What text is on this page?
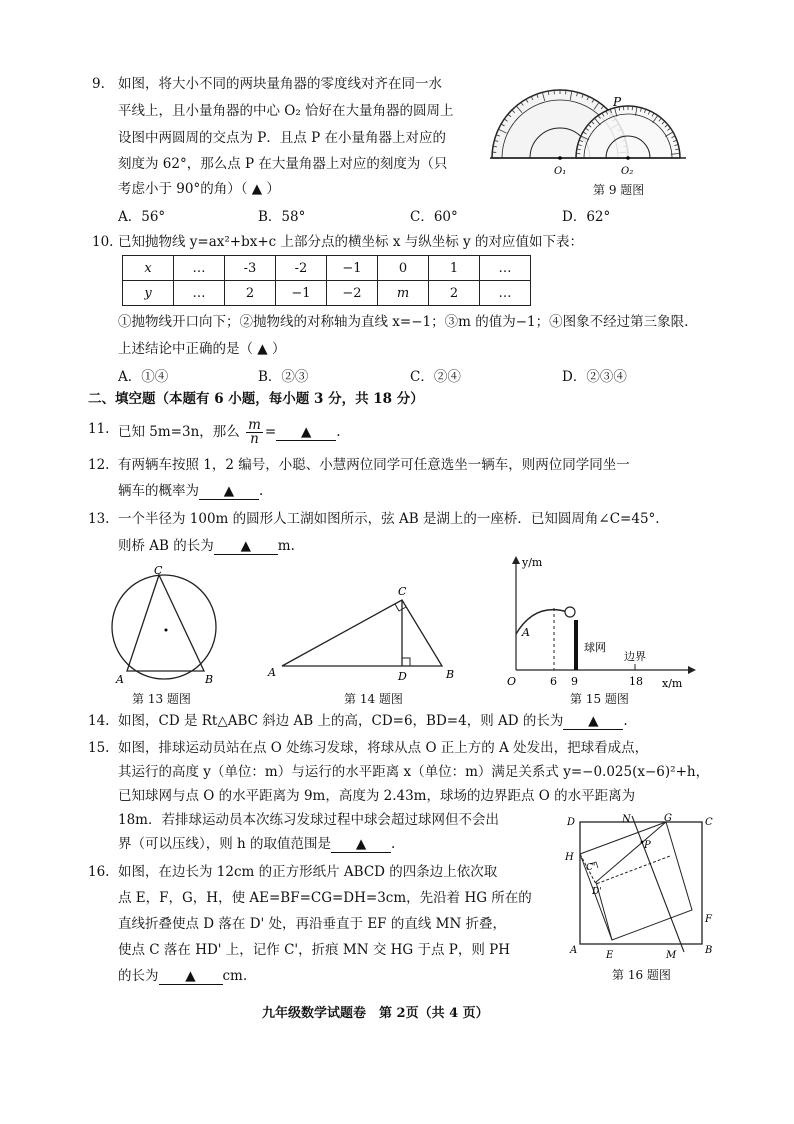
9. 如图，将大小不同的两块量角器的零度线对齐在同一水
平线上，且小量角器的中心 O₂ 恰好在大量角器的圆周上
设图中两圆周的交点为 P．且点 P 在小量角器上对应的
刻度为 62°，那么点 P 在大量角器上对应的刻度为（只
考虑小于 90°的角）（ ▲ ）
P
O₁	O₂
第 9 题图
A．56°	B．58°	C．60°	D．62°
10. 已知抛物线 y=ax²+bx+c 上部分点的横坐标 x 与纵坐标 y 的对应值如下表：
x	…	-3	-2	−1	0	1	…
y	…	2	−1	−2	m	2	…
①抛物线开口向下；②抛物线的对称轴为直线 x=−1；③m 的值为−1；④图象不经过第三象限.
上述结论中正确的是（ ▲ ）
A．①④	B．②③	C．②④	D．②③④
二、填空题（本题有 6 小题，每小题 3 分，共 18 分）
11. 已知 5m=3n，那么 $\frac{m}{n}$ = ▲ .
12. 有两辆车按照 1，2 编号，小聪、小慧两位同学可任意选坐一辆车，则两位同学同坐一
辆车的概率为 ▲ .
13. 一个半径为 100m 的圆形人工湖如图所示，弦 AB 是湖上的一座桥．已知圆周角∠C=45°.
则桥 AB 的长为 ▲ m.
C
A	B
第 13 题图
C
A	D	B
第 14 题图
y/m
x/m
O
A
6 9	18
球网
边界
第 15 题图
14. 如图，CD 是 Rt△ABC 斜边 AB 上的高，CD=6，BD=4，则 AD 的长为 ▲ .
15. 如图，排球运动员站在点 O 处练习发球，将球从点 O 正上方的 A 处发出，把球看成点，
其运行的高度 y（单位：m）与运行的水平距离 x（单位：m）满足关系式 y=−0.025(x−6)²+h，
已知球网与点 O 的水平距离为 9m，高度为 2.43m，球场的边界距点 O 的水平距离为
18m．若排球运动员本次练习发球过程中球会超过球网但不会出
界（可以压线），则 h 的取值范围是 ▲ .
16. 如图，在边长为 12cm 的正方形纸片 ABCD 的四条边上依次取
点 E，F，G，H，使 AE=BF=CG=DH=3cm，先沿着 HG 所在的
直线折叠使点 D 落在 D' 处，再沿垂直于 EF 的直线 MN 折叠，
使点 C 落在 HD' 上，记作 C'，折痕 MN 交 HG 于点 P，则 PH
的长为 ▲ cm.
D	C
A	B
E
F
G
H
M
N
P
C'
D'
第 16 题图
九年级数学试题卷　第 2页（共 4 页）
